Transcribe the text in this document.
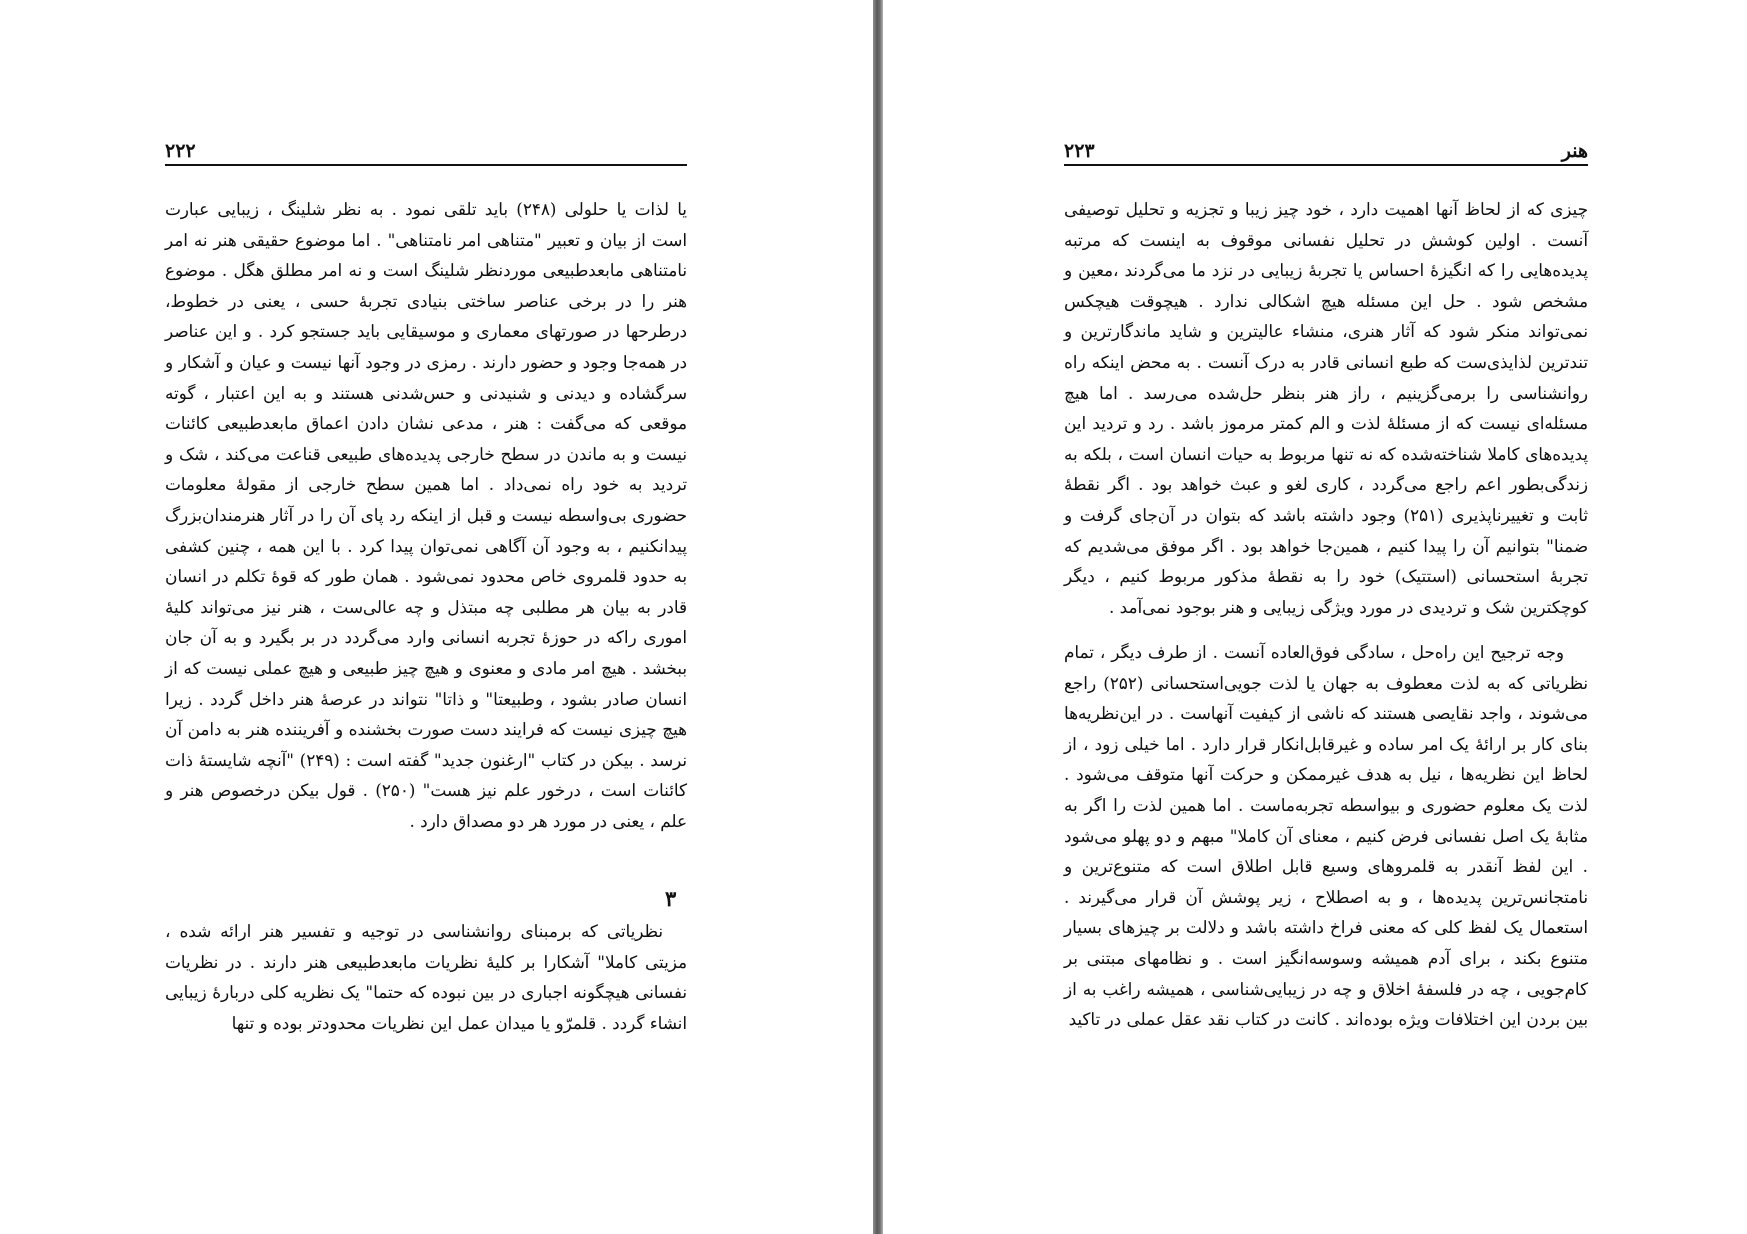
۲۲۲

یا لذات یا حلولی (۲۴۸) باید تلقی نمود . به نظر شلینگ ، زیبایی عبارت است از بیان و تعبیر "متناهی امر نامتناهی" . اما موضوع حقیقی هنر نه امر نامتناهی مابعدطبیعی موردنظر شلینگ است و نه امر مطلق هگل . موضوع هنر را در برخی عناصر ساختی بنیادی تجربهٔ حسی ، یعنی در خطوط، درطرحها در صورتهای معماری و موسیقایی باید جستجو کرد . و این عناصر در همه‌جا وجود و حضور دارند . رمزی در وجود آنها نیست و عیان و آشکار و سرگشاده و دیدنی و شنیدنی و حس‌شدنی هستند و به این اعتبار ، گوته موقعی که می‌گفت : هنر ، مدعی نشان دادن اعماق مابعدطبیعی کائنات نیست و به ماندن در سطح خارجی پدیده‌های طبیعی قناعت می‌کند ، شک و تردید به خود راه نمی‌داد . اما همین سطح خارجی از مقولهٔ معلومات حضوری بی‌واسطه نیست و قبل از اینکه رد پای آن را در آثار هنرمندان‌بزرگ پیدانکنیم ، به وجود آن آگاهی نمی‌توان پیدا کرد . با این همه ، چنین کشفی به حدود قلمروی خاص محدود نمی‌شود . همان طور که قوهٔ تکلم در انسان قادر به بیان هر مطلبی چه مبتذل و چه عالی‌ست ، هنر نیز می‌تواند کلیهٔ اموری راکه در حوزهٔ تجربه انسانی وارد می‌گردد در بر بگیرد و به آن جان ببخشد . هیچ امر مادی و معنوی و هیچ چیز طبیعی و هیچ عملی نیست که از انسان صادر بشود ، وطبیعتا" و ذاتا" نتواند در عرصهٔ هنر داخل گردد . زیرا هیچ چیزی نیست که فرایند دست صورت بخشنده و آفریننده هنر به دامن آن نرسد . بیکن در کتاب "ارغنون جدید" گفته است : (۲۴۹) "آنچه شایستهٔ ذات کائنات است ، درخور علم نیز هست" (۲۵۰) . قول بیکن درخصوص هنر و علم ، یعنی در مورد هر دو مصداق دارد .

۳

نظریاتی که برمبنای روانشناسی در توجیه و تفسیر هنر ارائه شده ، مزیتی کاملا" آشکارا بر کلیهٔ نظریات مابعدطبیعی هنر دارند . در نظریات نفسانی هیچگونه اجباری در بین نبوده که حتما" یک نظریه کلی دربارهٔ زیبایی انشاء گردد . قلمرّو یا میدان عمل این نظریات محدودتر بوده و تنها

۲۲۳	هنر

چیزی که از لحاظ آنها اهمیت دارد ، خود چیز زیبا و تجزیه و تحلیل توصیفی آنست . اولین کوشش در تحلیل نفسانی موقوف به اینست که مرتبه پدیده‌هایی را که انگیزهٔ احساس یا تجربهٔ زیبایی در نزد ما می‌گردند ،معین و مشخص شود . حل این مسئله هیچ اشکالی ندارد . هیچوقت هیچکس نمی‌تواند منکر شود که آثار هنری، منشاء عالیترین و شاید ماندگارترین و تندترین لذایذی‌ست که طبع انسانی قادر به درک آنست . به محض اینکه راه روانشناسی را برمی‌گزینیم ، راز هنر بنظر حل‌شده می‌رسد . اما هیچ مسئله‌ای نیست که از مسئلهٔ لذت و الم کمتر مرموز باشد . رد و تردید این پدیده‌های کاملا شناخته‌شده که نه تنها مربوط به حیات انسان است ، بلکه به زندگی‌بطور اعم راجع می‌گردد ، کاری لغو و عبث خواهد بود . اگر نقطهٔ ثابت و تغییرناپذیری (۲۵۱) وجود داشته باشد که بتوان در آن‌جای گرفت و ضمنا" بتوانیم آن را پیدا کنیم ، همین‌جا خواهد بود . اگر موفق می‌شدیم که تجربهٔ استحسانی (استتیک) خود را به نقطهٔ مذکور مربوط کنیم ، دیگر کوچکترین شک و تردیدی در مورد ویژگی زیبایی و هنر بوجود نمی‌آمد .

وجه ترجیح این راه‌حل ، سادگی فوق‌العاده آنست . از طرف دیگر ، تمام نظریاتی که به لذت معطوف به جهان یا لذت جویی‌استحسانی (۲۵۲) راجع می‌شوند ، واجد نقایصی هستند که ناشی از کیفیت آنهاست . در این‌نظریه‌ها بنای کار بر ارائهٔ یک امر ساده و غیرقابل‌انکار قرار دارد . اما خیلی زود ، از لحاظ این نظریه‌ها ، نیل به هدف غیرممکن و حرکت آنها متوقف می‌شود . لذت یک معلوم حضوری و بیواسطه تجربه‌ماست . اما همین لذت را اگر به مثابهٔ یک اصل نفسانی فرض کنیم ، معنای آن کاملا" مبهم و دو پهلو می‌شود . این لفظ آنقدر به قلمروهای وسیع قابل اطلاق است که متنوع‌ترین و نامتجانس‌ترین پدیده‌ها ، و به اصطلاح ، زیر پوشش آن قرار می‌گیرند . استعمال یک لفظ کلی که معنی فراخ داشته باشد و دلالت بر چیزهای بسیار متنوع بکند ، برای آدم همیشه وسوسه‌انگیز است . و نظامهای مبتنی بر کام‌جویی ، چه در فلسفهٔ اخلاق و چه در زیبایی‌شناسی ، همیشه راغب به از بین بردن این اختلافات ویژه بوده‌اند . کانت در کتاب نقد عقل عملی در تاکید
